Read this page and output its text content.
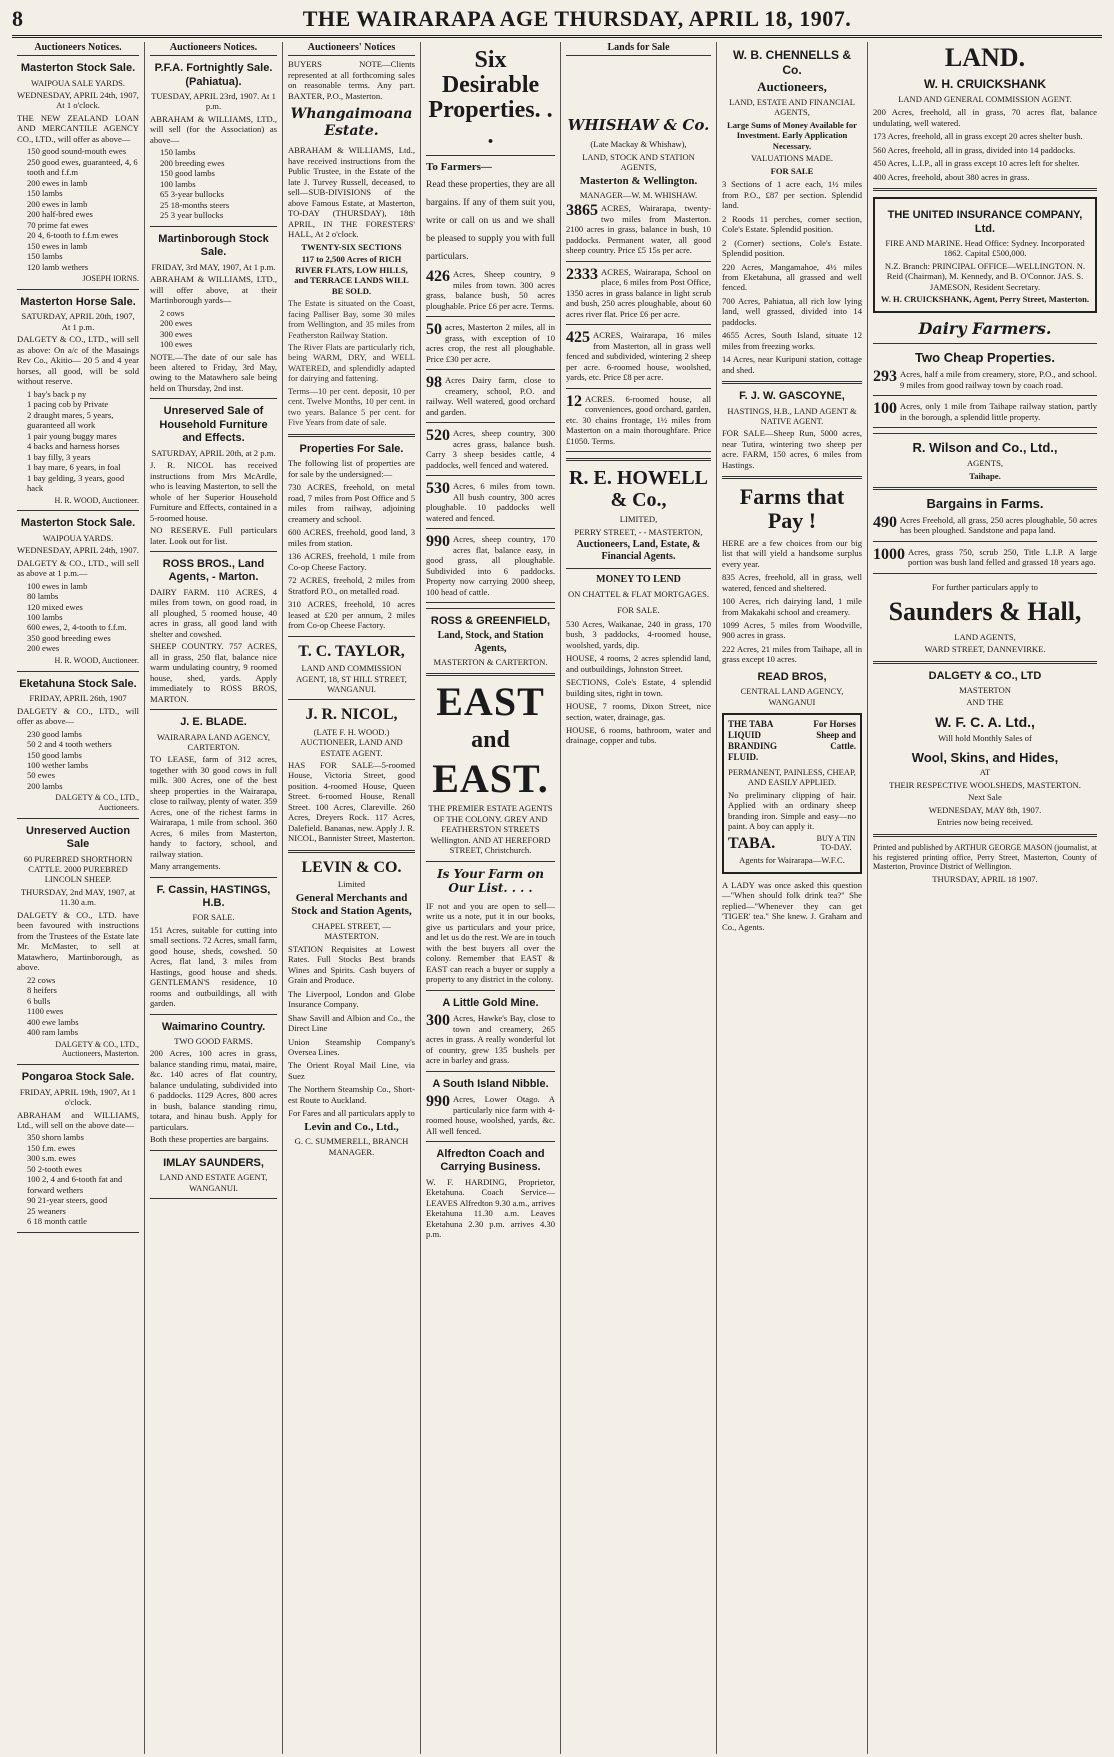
8	THE WAIRARAPA AGE THURSDAY, APRIL 18, 1907.
Auctioneers Notices.
Masterton Stock Sale.
WAIPOUA SALE YARDS.
WEDNESDAY, APRIL 24th, 1907, At 1 o'clock.

THE NEW ZEALAND LOAN AND MERCANTILE AGENCY CO., LTD., will offer as above—

150 good sound-mouth ewes
250 good ewes, guaranteed, 4, 6 tooth and f.f.m
200 ewes in lamb
150 lambs
200 ewes in lamb
200 half-bred ewes
70 prime fat ewes
20 4, 6-tooth to f.f.m ewes
150 ewes in lamb
150 lambs
120 lamb wethers
JOSEPH IORNS.
Masterton Horse Sale.
SATURDAY, APRIL 20th, 1907, At 1 p.m.

DALGETY & CO., LTD., will sell as above: On a/c of the Masaings Rev Co., Akitio— 20 5 and 4 year horses, all good, will be sold without reserve.

1 bay's back p ny
1 pacing cob by Private
2 draught mares, 5 years, guaranteed all work
1 pair young buggy mares
4 backs and harness horses
1 bay filly, 3 years
1 bay mare, 6 years, in foal
1 bay gelding, 3 years, good hack
H. R. WOOD, Auctioneer.
Masterton Stock Sale.
WAIPOUA YARDS.
WEDNESDAY, APRIL 24th, 1907.

DALGETY & CO., LTD., will sell as above at 1 p.m.—

100 ewes in lamb
80 lambs
120 mixed ewes
100 lambs
600 ewes, 2, 4-tooth to f.f.m.
350 good breeding ewes
200 ewes
H. R. WOOD, Auctioneer.
Eketahuna Stock Sale.
FRIDAY, APRIL 26th, 1907

DALGETY & CO., LTD., will offer as above—

230 good lambs
50 2 and 4 tooth wethers
150 good lambs
100 wether lambs
50 ewes
200 lambs
DALGETY & CO., LTD., Auctioneers.
Unreserved Auction Sale
60 PUREBRED SHORTHORN CATTLE. 2000 PUREBRED LINCOLN SHEEP.
THURSDAY, 2nd MAY, 1907, at 11.30 a.m.

DALGETY & CO., LTD. have been favoured with instructions from the Trustees of the Estate late Mr. McMaster, to sell at Matawhero, Martinborough, as above.

22 cows
8 heifers
6 bulls
1100 ewes
400 ewe lambs
400 ram lambs
DALGETY & CO., LTD., Auctioneers, Masterton.
Pongaroa Stock Sale.
FRIDAY, APRIL 19th, 1907, At 1 o'clock.

ABRAHAM and WILLIAMS, Ltd., will sell on the above date—

350 shorn lambs
150 f.m. ewes
300 s.m. ewes
50 2-tooth ewes
100 2, 4 and 6-tooth fat and forward wethers
90 21-year steers, good
25 weaners
6 18 month cattle
Auctioneers Notices.
P.F.A. Fortnightly Sale. (Pahiatua).
TUESDAY, APRIL 23rd, 1907. At 1 p.m.

ABRAHAM & WILLIAMS, LTD., will sell (for the Association) as above—

150 lambs
200 breeding ewes
150 good lambs
100 lambs
65 3-year bullocks
25 18-months steers
25 3 year bullocks
Martinborough Stock Sale.
FRIDAY, 3rd MAY, 1907, At 1 p.m.

ABRAHAM & WILLIAMS, LTD., will offer above, at their Martinborough yards—

2 cows
200 ewes
300 ewes
100 ewes

NOTE.—The date of our sale has been altered to Friday, 3rd May, owing to the Matawhero sale being held on Thursday, 2nd inst.

Unreserved Sale of Household Furniture and Effects.
SATURDAY, APRIL 20th, at 2 p.m.

J. R. NICOL has received instructions from Mrs McArdle, who is leaving Masterton, to sell the whole of her Superior Household Furniture and Effects, contained in a 5-roomed house.

NO RESERVE. Full particulars later. Look out for list.

ROSS BROS., Land Agents, - Marton.

DAIRY FARM. 110 ACRES, 4 miles from town, on good road, in all ploughed, 5 roomed house, 40 acres in grass, all good land with shelter and cowshed.

SHEEP COUNTRY. 757 ACRES, all in grass, 250 flat, balance nice warm undulating country, 9 roomed house, shed, yards. Apply immediately to ROSS BROS, MARTON.

J. E. BLADE.
WAIRARAPA LAND AGENCY, CARTERTON.

TO LEASE, farm of 312 acres, together with 30 good cows in full milk. 300 Acres, one of the best sheep properties in the Wairarapa, close to railway, plenty of water. 359 Acres, one of the richest farms in Wairarapa, 1 mile from school. 360 Acres, 6 miles from Masterton, handy to factory, school, and railway station.

Many arrangements.

F. Cassin, HASTINGS, H.B.
FOR SALE.

151 Acres, suitable for cutting into small sections. 72 Acres, small farm, good house, sheds, cowshed. 50 Acres, flat land, 3 miles from Hastings, good house and sheds. GENTLEMAN'S residence, 10 rooms and outbuildings, all with garden.

Waimarino Country.
TWO GOOD FARMS.

200 Acres, 100 acres in grass, balance standing rimu, matai, maire, &c. 140 acres of flat country, balance undulating, subdivided into 6 paddocks. 1129 Acres, 800 acres in bush, balance standing rimu, totara, and hinau bush. Apply for particulars.

Both these properties are bargains.

IMLAY SAUNDERS,
LAND AND ESTATE AGENT, WANGANUI.
Auctioneers' Notices

BUYERS NOTE—Clients represented at all forthcoming sales on reasonable terms. Any part. BAXTER, P.O., Masterton.

Whangaimoana Estate.

ABRAHAM & WILLIAMS, Ltd., have received instructions from the Public Trustee, in the Estate of the late J. Turvey Russell, deceased, to sell—SUB-DIVISIONS of the above Famous Estate, at Masterton, TO-DAY (THURSDAY), 18th APRIL, IN THE FORESTERS' HALL, At 2 o'clock.

TWENTY-SIX SECTIONS
117 to 2,500 Acres of RICH RIVER FLATS, LOW HILLS, and TERRACE LANDS WILL BE SOLD.

The Estate is situated on the Coast, facing Palliser Bay, some 30 miles from Wellington, and 35 miles from Featherston Railway Station.

The River Flats are particularly rich, being WARM, DRY, and WELL WATERED, and splendidly adapted for dairying and fattening.

Terms—10 per cent. deposit, 10 per cent. Twelve Months, 10 per cent. in two years. Balance 5 per cent. for Five Years from date of sale.

Properties For Sale.

The following list of properties are for sale by the undersigned:—

730 ACRES, freehold, on metal road, 7 miles from Post Office and 5 miles from railway, adjoining creamery and school.

600 ACRES, freehold, good land, 3 miles from station.

136 ACRES, freehold, 1 mile from Co-op Cheese Factory.

72 ACRES, freehold, 2 miles from Stratford P.O., on metalled road.

310 ACRES, freehold, 10 acres leased at £20 per annum, 2 miles from Co-op Cheese Factory.

T. C. TAYLOR,
LAND AND COMMISSION AGENT, 18, ST HILL STREET, WANGANUI.
J. R. NICOL,
(LATE F. H. WOOD.) AUCTIONEER, LAND AND ESTATE AGENT.

HAS FOR SALE—5-roomed House, Victoria Street, good position. 4-roomed House, Queen Street. 6-roomed House, Renall Street. 100 Acres, Clareville. 260 Acres, Dreyers Rock. 117 Acres, Dalefield. Bananas, new. Apply J. R. NICOL, Bannister Street, Masterton.

LEVIN & CO.
Limited
General Merchants and Stock and Station Agents,
CHAPEL STREET, — MASTERTON.

STATION Requisites at Lowest Rates. Full Stocks Best brands Wines and Spirits. Cash buyers of Grain and Produce.

The Liverpool, London and Globe Insurance Company.

Shaw Savill and Albion and Co., the Direct Line

Union Steamship Company's Oversea Lines.

The Orient Royal Mail Line, via Suez

The Northern Steamship Co., Short-est Route to Auckland.

For Fares and all particulars apply to
Levin and Co., Ltd.,
G. C. SUMMERELL, BRANCH MANAGER.
Six Desirable Properties. . .
To Farmers—

Read these properties, they are all bargains. If any of them suit you, write or call on us and we shall be pleased to supply you with full particulars.

426 Acres, Sheep country, 9 miles from town. 300 acres grass, balance bush, 50 acres ploughable. Price £6 per acre. Terms.
50 acres, Masterton 2 miles, all in grass, with exception of 10 acres crop, the rest all ploughable. Price £30 per acre.
98 Acres Dairy farm, close to creamery, school, P.O. and railway. Well watered, good orchard and garden.
520 Acres, sheep country, 300 acres grass, balance bush. Carry 3 sheep besides cattle, 4 paddocks, well fenced and watered.
530 Acres, 6 miles from town. All bush country, 300 acres ploughable. 10 paddocks well watered and fenced.
990 Acres, sheep country, 170 acres flat, balance easy, in good grass, all ploughable. Subdivided into 6 paddocks. Property now carrying 2000 sheep, 100 head of cattle.
ROSS & GREENFIELD,
Land, Stock, and Station Agents,
MASTERTON & CARTERTON.
EAST
and
EAST.

THE PREMIER ESTATE AGENTS OF THE COLONY. GREY AND FEATHERSTON STREETS Wellington. AND AT HEREFORD STREET, Christchurch.

Is Your Farm on Our List. . . .

IF not and you are open to sell—write us a note, put it in our books, give us particulars and your price, and let us do the rest. We are in touch with the best buyers all over the colony. Remember that EAST & EAST can reach a buyer or supply a property to any district in the colony.

A Little Gold Mine.
300 Acres, Hawke's Bay, close to town and creamery, 265 acres in grass. A really wonderful lot of country, grew 135 bushels per acre in barley and grass.
A South Island Nibble.
990 Acres, Lower Otago. A particularly nice farm with 4-roomed house, woolshed, yards, &c. All well fenced.
Alfredton Coach and Carrying Business.

W. F. HARDING, Proprietor, Eketahuna. Coach Service— LEAVES Alfredton 9.30 a.m., arrives Eketahuna 11.30 a.m. Leaves Eketahuna 2.30 p.m. arrives 4.30 p.m.

Lands for Sale
WHISHAW & Co.
(Late Mackay & Whishaw),
LAND, STOCK AND STATION AGENTS,
Masterton & Wellington.
MANAGER—W. M. WHISHAW.
3865 ACRES, Wairarapa, twenty-two miles from Masterton. 2100 acres in grass, balance in bush, 10 paddocks. Permanent water, all good sheep country. Price £5 15s per acre.
2333 ACRES, Wairarapa, School on place, 6 miles from Post Office, 1350 acres in grass balance in light scrub and bush, 250 acres ploughable, about 60 acres river flat. Price £6 per acre.
425 ACRES, Wairarapa, 16 miles from Masterton, all in grass well fenced and subdivided, wintering 2 sheep per acre. 6-roomed house, woolshed, yards, etc. Price £8 per acre.
12 ACRES. 6-roomed house, all conveniences, good orchard, garden, etc. 30 chains frontage, 1½ miles from Masterton on a main thoroughfare. Price £1050. Terms.
R. E. HOWELL & Co.,
LIMITED,
PERRY STREET, - - MASTERTON,
Auctioneers, Land, Estate, & Financial Agents.
MONEY TO LEND
ON CHATTEL & FLAT MORTGAGES.
FOR SALE.

530 Acres, Waikanae, 240 in grass, 170 bush, 3 paddocks, 4-roomed house, woolshed, yards, dip.

HOUSE, 4 rooms, 2 acres splendid land, and outbuildings, Johnston Street.

SECTIONS, Cole's Estate, 4 splendid building sites, right in town.

HOUSE, 7 rooms, Dixon Street, nice section, water, drainage, gas.

HOUSE, 6 rooms, bathroom, water and drainage, copper and tubs.

W. B. CHENNELLS & Co.
Auctioneers,
LAND, ESTATE AND FINANCIAL AGENTS,
Large Sums of Money Available for Investment. Early Application Necessary.
VALUATIONS MADE.
FOR SALE

3 Sections of 1 acre each, 1½ miles from P.O., £87 per section. Splendid land.

2 Roods 11 perches, corner section, Cole's Estate. Splendid position.

2 (Corner) sections, Cole's Estate. Splendid position.

220 Acres, Mangamahoe, 4½ miles from Eketahuna, all grassed and well fenced.

700 Acres, Pahiatua, all rich low lying land, well grassed, divided into 14 paddocks.

4655 Acres, South Island, situate 12 miles from freezing works.

14 Acres, near Kuripuni station, cottage and shed.

F. J. W. GASCOYNE,
HASTINGS, H.B., LAND AGENT & NATIVE AGENT.

FOR SALE—Sheep Run, 5000 acres, near Tutira, wintering two sheep per acre. FARM, 150 acres, 6 miles from Hastings.

Farms that Pay !

HERE are a few choices from our big list that will yield a handsome surplus every year.

835 Acres, freehold, all in grass, well watered, fenced and sheltered.

100 Acres, rich dairying land, 1 mile from Makakahi school and creamery.

1099 Acres, 5 miles from Woodville, 900 acres in grass.

222 Acres, 21 miles from Taihape, all in grass except 10 acres.

READ BROS,
CENTRAL LAND AGENCY, WANGANUI
THE TABA LIQUID BRANDING FLUID.
For Horses Sheep and Cattle.
PERMANENT, PAINLESS, CHEAP, AND EASILY APPLIED.

No preliminary clipping of hair. Applied with an ordinary sheep branding iron. Simple and easy—no paint. A boy can apply it.

TABA.	BUY A TIN TO-DAY.
Agents for Wairarapa—W.F.C.

A LADY was once asked this question—"When should folk drink tea?" She replied—"Whenever they can get 'TIGER' tea." She knew. J. Graham and Co., Agents.

LAND.
W. H. CRUICKSHANK
LAND AND GENERAL COMMISSION AGENT.

200 Acres, freehold, all in grass, 70 acres flat, balance undulating, well watered.

173 Acres, freehold, all in grass except 20 acres shelter bush.

560 Acres, freehold, all in grass, divided into 14 paddocks.

450 Acres, L.I.P., all in grass except 10 acres left for shelter.

400 Acres, freehold, about 380 acres in grass.

THE UNITED INSURANCE COMPANY, Ltd.
FIRE AND MARINE. Head Office: Sydney. Incorporated 1862. Capital £500,000.

N.Z. Branch: PRINCIPAL OFFICE—WELLINGTON. N. Reid (Chairman), M. Kennedy, and B. O'Connor. JAS. S. JAMESON, Resident Secretary.

W. H. CRUICKSHANK, Agent, Perry Street, Masterton.
Dairy Farmers.
Two Cheap Properties.
293 Acres, half a mile from creamery, store, P.O., and school. 9 miles from good railway town by coach road.
100 Acres, only 1 mile from Taihape railway station, partly in the borough, a splendid little property.
R. Wilson and Co., Ltd.,
AGENTS,
Taihape.
Bargains in Farms.
490 Acres Freehold, all grass, 250 acres ploughable, 50 acres has been ploughed. Sandstone and papa land.
1000 Acres, grass 750, scrub 250, Title L.I.P. A large portion was bush land felled and grassed 18 years ago.
For further particulars apply to
Saunders & Hall,
LAND AGENTS,
WARD STREET, DANNEVIRKE.
DALGETY & CO., LTD
MASTERTON
AND THE
W. F. C. A. Ltd.,
Will hold Monthly Sales of
Wool, Skins, and Hides,
AT
THEIR RESPECTIVE WOOLSHEDS, MASTERTON.
Next Sale
WEDNESDAY, MAY 8th, 1907.
Entries now being received.

Printed and published by ARTHUR GEORGE MASON (journalist, at his registered printing office, Perry Street, Masterton, County of Masterton, Province District of Wellington.

THURSDAY, APRIL 18 1907.
